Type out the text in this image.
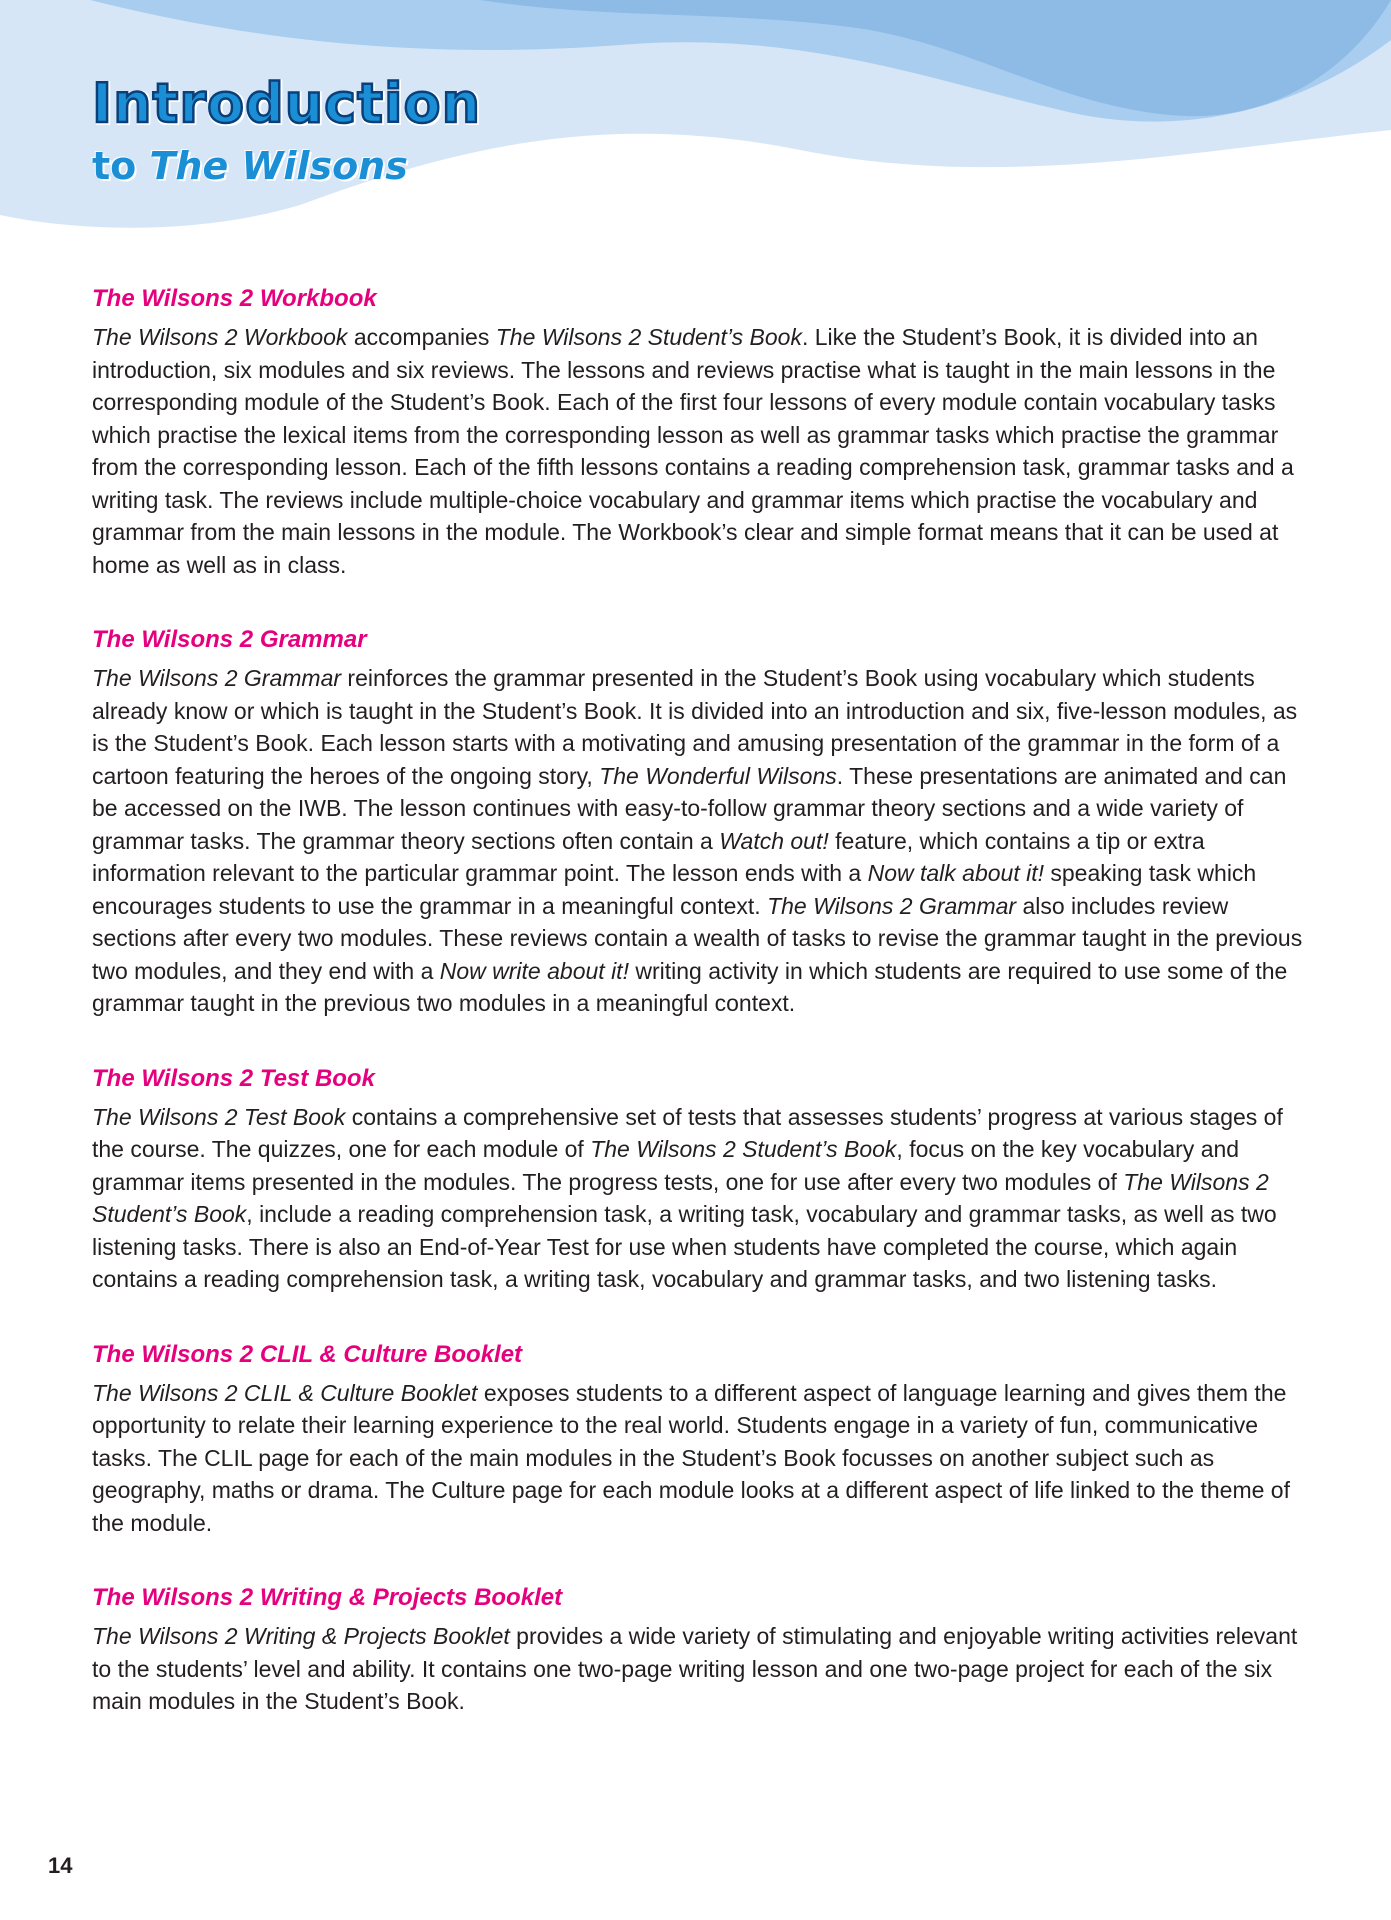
Introduction
to The Wilsons
The Wilsons 2 Workbook

The Wilsons 2 Workbook accompanies The Wilsons 2 Student’s Book. Like the Student’s Book, it is divided into an introduction, six modules and six reviews. The lessons and reviews practise what is taught in the main lessons in the corresponding module of the Student’s Book. Each of the first four lessons of every module contain vocabulary tasks which practise the lexical items from the corresponding lesson as well as grammar tasks which practise the grammar from the corresponding lesson. Each of the fifth lessons contains a reading comprehension task, grammar tasks and a writing task. The reviews include multiple-choice vocabulary and grammar items which practise the vocabulary and grammar from the main lessons in the module. The Workbook’s clear and simple format means that it can be used at home as well as in class.

The Wilsons 2 Grammar

The Wilsons 2 Grammar reinforces the grammar presented in the Student’s Book using vocabulary which students already know or which is taught in the Student’s Book. It is divided into an introduction and six, five-lesson modules, as is the Student’s Book. Each lesson starts with a motivating and amusing presentation of the grammar in the form of a cartoon featuring the heroes of the ongoing story, The Wonderful Wilsons. These presentations are animated and can be accessed on the IWB. The lesson continues with easy-to-follow grammar theory sections and a wide variety of grammar tasks. The grammar theory sections often contain a Watch out! feature, which contains a tip or extra information relevant to the particular grammar point. The lesson ends with a Now talk about it! speaking task which encourages students to use the grammar in a meaningful context. The Wilsons 2 Grammar also includes review sections after every two modules. These reviews contain a wealth of tasks to revise the grammar taught in the previous two modules, and they end with a Now write about it! writing activity in which students are required to use some of the grammar taught in the previous two modules in a meaningful context.

The Wilsons 2 Test Book

The Wilsons 2 Test Book contains a comprehensive set of tests that assesses students’ progress at various stages of the course. The quizzes, one for each module of The Wilsons 2 Student’s Book, focus on the key vocabulary and grammar items presented in the modules. The progress tests, one for use after every two modules of The Wilsons 2 Student’s Book, include a reading comprehension task, a writing task, vocabulary and grammar tasks, as well as two listening tasks. There is also an End-of-Year Test for use when students have completed the course, which again contains a reading comprehension task, a writing task, vocabulary and grammar tasks, and two listening tasks.

The Wilsons 2 CLIL & Culture Booklet

The Wilsons 2 CLIL & Culture Booklet exposes students to a different aspect of language learning and gives them the opportunity to relate their learning experience to the real world. Students engage in a variety of fun, communicative tasks. The CLIL page for each of the main modules in the Student’s Book focusses on another subject such as geography, maths or drama. The Culture page for each module looks at a different aspect of life linked to the theme of the module.

The Wilsons 2 Writing & Projects Booklet

The Wilsons 2 Writing & Projects Booklet provides a wide variety of stimulating and enjoyable writing activities relevant to the students’ level and ability. It contains one two-page writing lesson and one two-page project for each of the six main modules in the Student’s Book.

14
